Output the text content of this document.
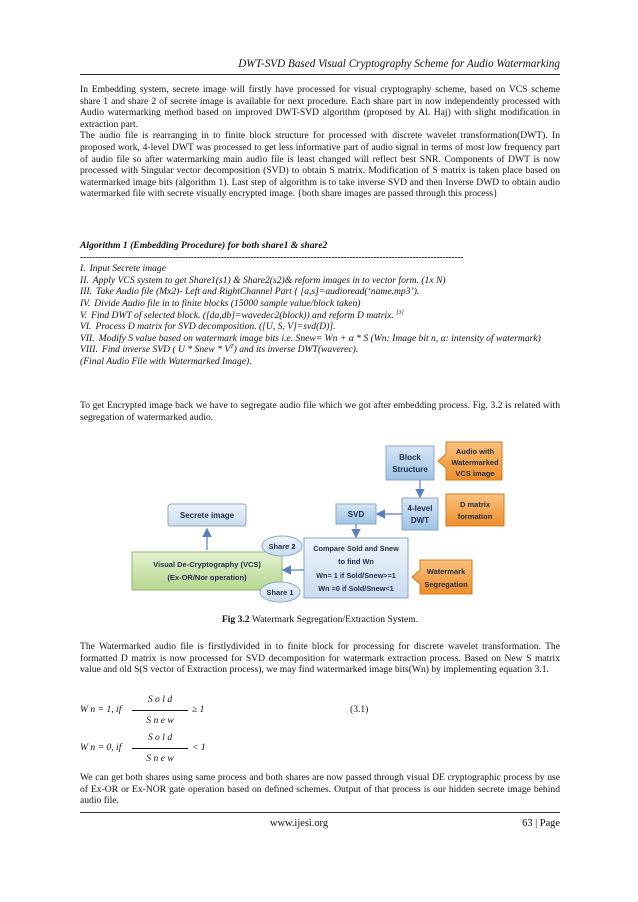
DWT-SVD Based Visual Cryptography Scheme for Audio Watermarking

In Embedding system, secrete image will firstly have processed for visual cryptography scheme, based on VCS scheme share 1 and share 2 of secrete image is available for next procedure. Each share part in now independently processed with Audio watermarking method based on improved DWT-SVD algorithm (proposed by Al. Haj) with slight modification in extraction part.

The audio file is rearranging in to finite block structure for processed with discrete wavelet transformation(DWT). In proposed work, 4-level DWT was processed to get less informative part of audio signal in terms of most low frequency part of audio file so after watermarking main audio file is least changed will reflect best SNR. Components of DWT is now processed with Singular vector decomposition (SVD) to obtain S matrix. Modification of S matrix is taken place based on watermarked image bits (algorithm 1). Last step of algorithm is to take inverse SVD and then Inverse DWD to obtain audio watermarked file with secrete visually encrypted image. {both share images are passed through this process}

Algorithm 1 (Embedding Procedure) for both share1 & share2
--------------------------------------------------------------------------------------------------------------------------------
I. Input Secrete image
II. Apply VCS system to get Share1(s1) & Share2(s2)& reform images in to vector form. (1x N)
III. Take Audio file (Mx2)- Left and RightChannel Part { [a,s]=audioread(‘name.mp3’).
IV. Divide Audio file in to finite blocks (15000 sample value/block taken)
V. Find DWT of selected block. ([da,db]=wavedec2(block)) and reform D matrix. [3]
VI. Process D matrix for SVD decomposition. ([U, S, V]=svd(D)].
VII. Modify S value based on watermark image bits i.e. Snew= Wn + α * S (Wn: Image bit n, α: intensity of watermark)
VIII. Find inverse SVD ( U * Snew * $V^T$) and its inverse DWT(waverec).
(Final Audio File with Watermarked Image).
To get Encrypted image back we have to segregate audio file which we got after embedding process. Fig. 3.2 is related with segregation of watermarked audio.
Block
Structure
Audio with
Watermarked
VCS image
4-level
DWT
D matrix
formation
SVD
Secrete image
Visual De-Cryptography (VCS)
(Ex-OR/Nor operation)
Share 2
Share 1
Compare Sold and Snew
to find Wn
Wn= 1 if Sold/Snew>=1
Wn =0 if Sold/Snew<1
Watermark
Segregation
Fig 3.2 Watermark Segregation/Extraction System.
The Watermarked audio file is firstlydivided in to finite block for processing for discrete wavelet transformation. The formatted D matrix is now processed for SVD decomposition for watermark extraction process. Based on New S matrix value and old S(S vector of Extraction process), we may find watermarked image bits(Wn) by implementing equation 3.1.
S o l d
W n = 1, if	≥ 1	(3.1)
S n e w
S o l d
W n = 0, if	< 1
S n e w
We can get both shares using same process and both shares are now passed through visual DE cryptographic process by use of Ex-OR or Ex-NOR gate operation based on defined schemes. Output of that process is our hidden secrete image behind audio file.
www.ijesi.org	63 | Page
